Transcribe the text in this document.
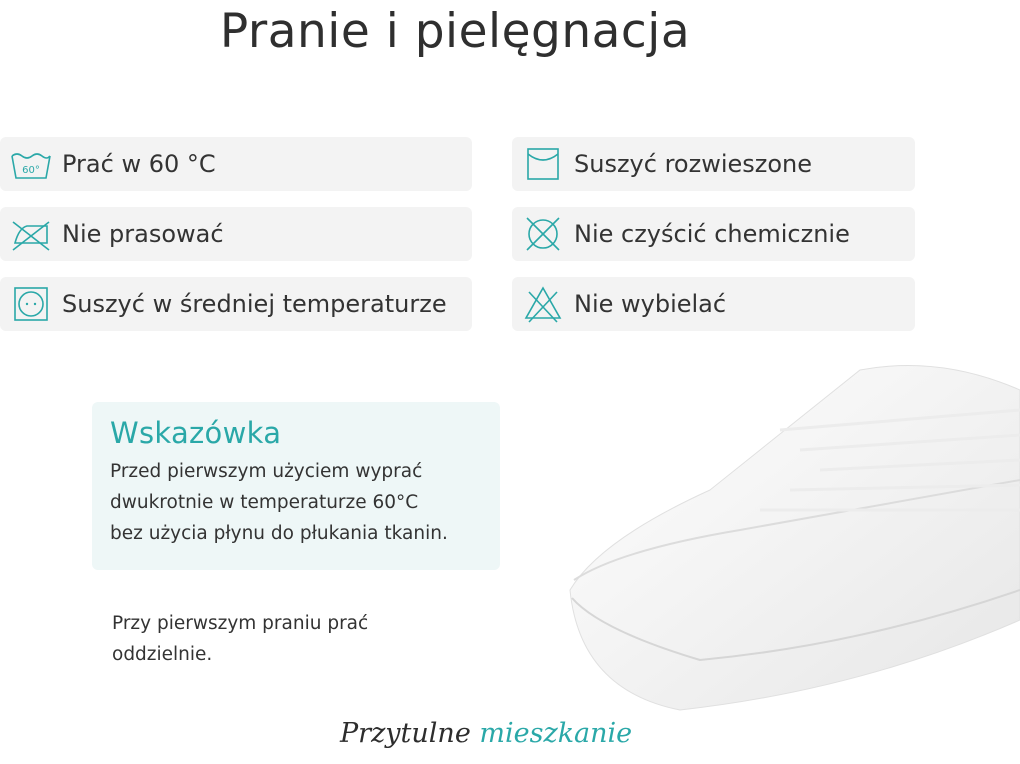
Pranie i pielęgnacja
60° Prać w 60 °C
Nie prasować
Suszyć w średniej temperaturze
Suszyć rozwieszone
Nie czyścić chemicznie
Nie wybielać
Wskazówka
Przed pierwszym użyciem wyprać
dwukrotnie w temperaturze 60°C
bez użycia płynu do płukania tkanin.
Przy pierwszym praniu prać
oddzielnie.
Przytulne mieszkanie
